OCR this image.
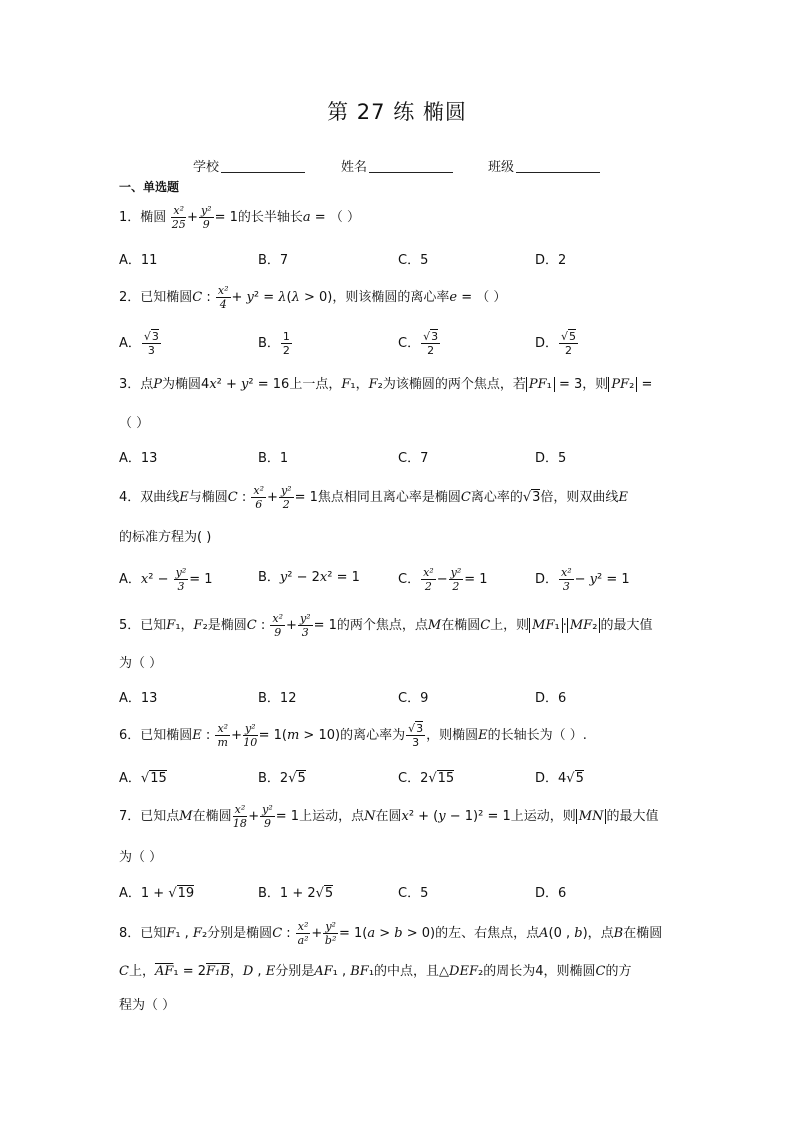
第 27 练 椭圆
学校	姓名	班级
一、单选题
1．椭圆 $\frac{\text{x²}}{25} + \frac{\text{y²}}{9} = 1$的长半轴长a = （ ）
A．11	B．7	C．5	D．2
2．已知椭圆C : $\frac{\text{x²}}{4} + y^2 = \lambda(\lambda > 0)$，则该椭圆的离心率e = （ ）
A． $\frac{√3}{3}$	B． $\frac{1}{2}$	C． $\frac{√3}{2}$	D． $\frac{√5}{2}$
3．点P为椭圆4x² + y² = 16上一点，F₁，F₂为该椭圆的两个焦点，若 PF₁ = 3，则 PF₂ =
（ ）
A．13	B．1	C．7	D．5
4．双曲线E与椭圆C : $\frac{\text{x²}}{6} + \frac{\text{y²}}{2} = 1$焦点相同且离心率是椭圆C离心率的√3倍，则双曲线E
的标准方程为( )
A．$x^2 - \frac{\text{y²}}{3} = 1$	B．y² − 2x² = 1	C． $\frac{\text{x²}}{2} - \frac{\text{y²}}{2} = 1$	D． $\frac{\text{x²}}{3} - y^2 = 1$
5．已知F₁，F₂是椭圆C : $\frac{\text{x²}}{9} + \frac{\text{y²}}{3} = 1$的两个焦点，点M在椭圆C上，则 MF₁ · MF₂ 的最大值
为（ ）
A．13	B．12	C．9	D．6
6．已知椭圆E : $\frac{\text{x²}}{m} + \frac{\text{y²}}{10} = 1(m > 10)$的离心率为 $\frac{√3}{3}$ ，则椭圆E的长轴长为（ ）.
A．√15	B．2√5	C．2√15	D．4√5
7．已知点M在椭圆 $\frac{\text{x²}}{18} + \frac{\text{y²}}{9} = 1$上运动，点N在圆x² + (y − 1)² = 1上运动，则 MN 的最大值
为（ ）
A．1 + √19	B．1 + 2√5	C．5	D．6
8．已知F₁ , F₂分别是椭圆C : $\frac{\text{x²}}{\text{a²}} + \frac{\text{y²}}{\text{b²}} = 1(a > b > 0)$的左、右焦点，点A(0 , b)，点B在椭圆
C上，$\overline{AF}_1 = 2F_1B$，D , E分别是AF₁ , BF₁的中点，且△DEF₂的周长为4，则椭圆C的方
程为（ ）
